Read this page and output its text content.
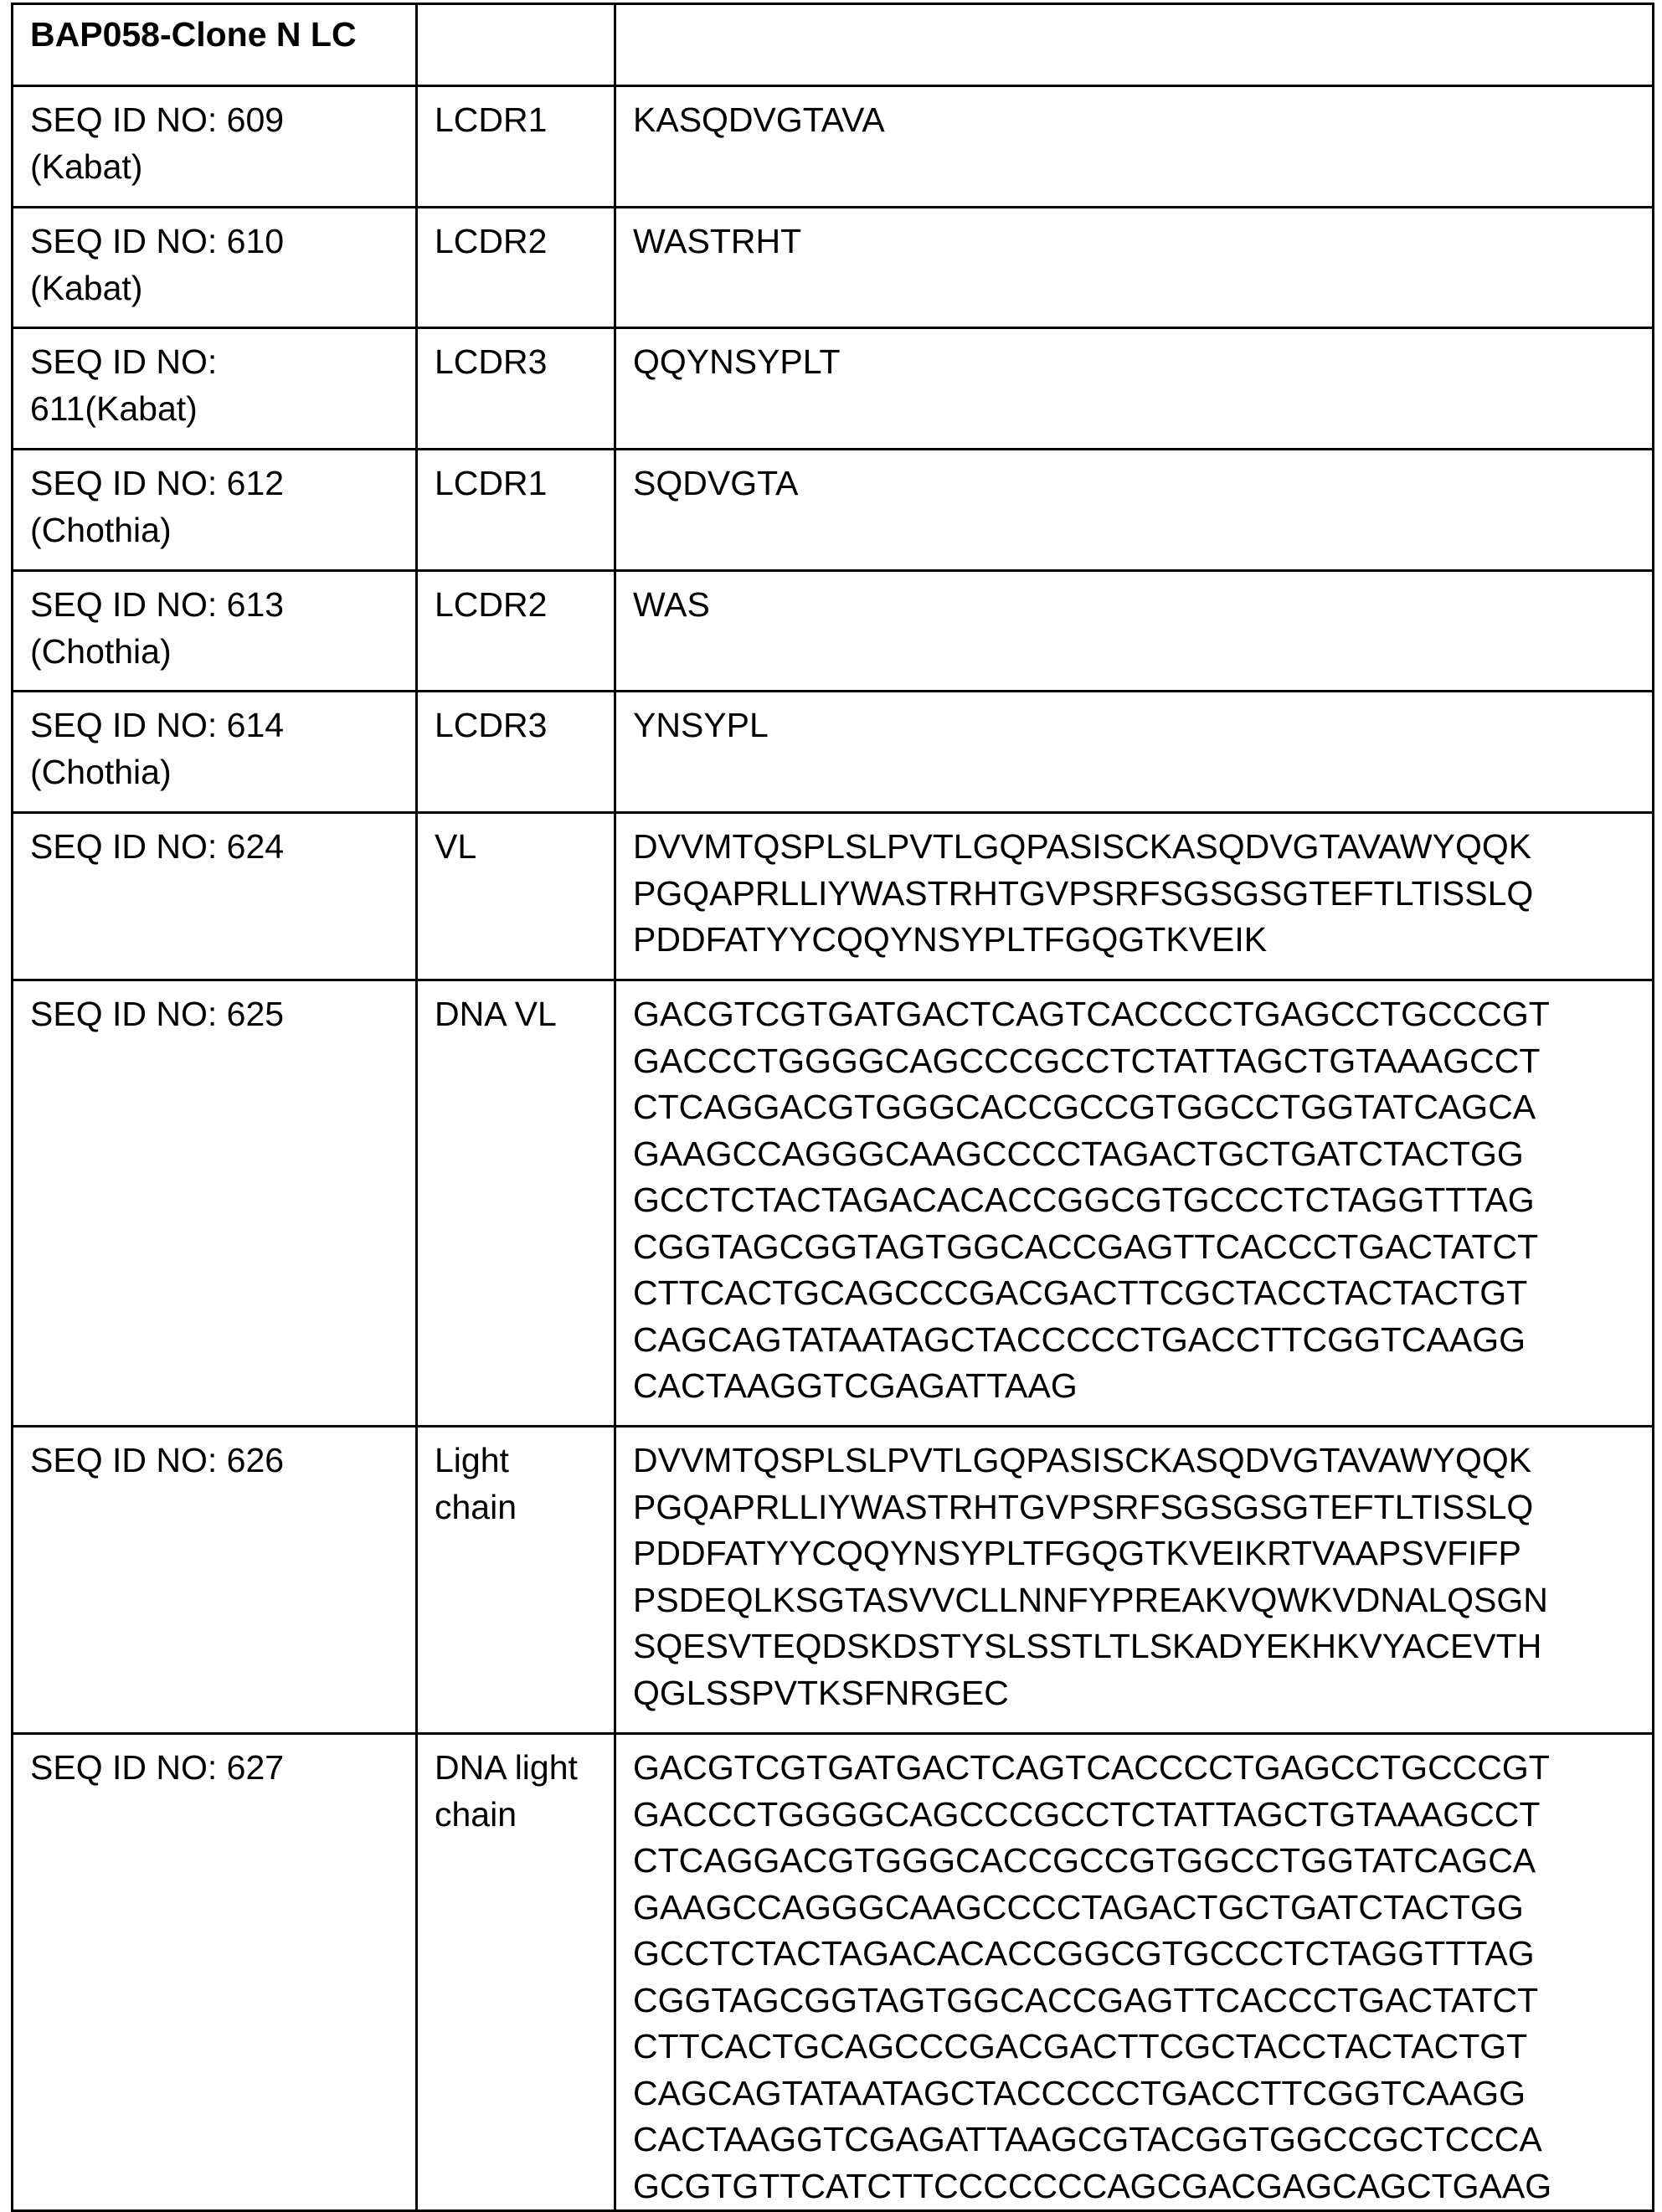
BAP058-Clone N LC		

SEQ ID NO: 609
(Kabat)

LCDR1	KASQDVGTAVA

SEQ ID NO: 610
(Kabat)

LCDR2	WASTRHT

SEQ ID NO:
611(Kabat)

LCDR3	QQYNSYPLT

SEQ ID NO: 612
(Chothia)

LCDR1	SQDVGTA

SEQ ID NO: 613
(Chothia)

LCDR2	WAS

SEQ ID NO: 614
(Chothia)

LCDR3	YNSYPL

SEQ ID NO: 624	VL	DVVMTQSPLSLPVTLGQPASISCKASQDVGTAVAWYQQK
PGQAPRLLIYWASTRHTGVPSRFSGSGSGTEFTLTISSLQ
PDDFATYYCQQYNSYPLTFGQGTKVEIK

SEQ ID NO: 625	DNA VL	GACGTCGTGATGACTCAGTCACCCCTGAGCCTGCCCGT
GACCCTGGGGCAGCCCGCCTCTATTAGCTGTAAAGCCT
CTCAGGACGTGGGCACCGCCGTGGCCTGGTATCAGCA
GAAGCCAGGGCAAGCCCCTAGACTGCTGATCTACTGG
GCCTCTACTAGACACACCGGCGTGCCCTCTAGGTTTAG
CGGTAGCGGTAGTGGCACCGAGTTCACCCTGACTATCT
CTTCACTGCAGCCCGACGACTTCGCTACCTACTACTGT
CAGCAGTATAATAGCTACCCCCTGACCTTCGGTCAAGG
CACTAAGGTCGAGATTAAG

SEQ ID NO: 626	Light
chain

DVVMTQSPLSLPVTLGQPASISCKASQDVGTAVAWYQQK
PGQAPRLLIYWASTRHTGVPSRFSGSGSGTEFTLTISSLQ
PDDFATYYCQQYNSYPLTFGQGTKVEIKRTVAAPSVFIFP
PSDEQLKSGTASVVCLLNNFYPREAKVQWKVDNALQSGN
SQESVTEQDSKDSTYSLSSTLTLSKADYEKHKVYACEVTH
QGLSSPVTKSFNRGEC

SEQ ID NO: 627	DNA light
chain

GACGTCGTGATGACTCAGTCACCCCTGAGCCTGCCCGT
GACCCTGGGGCAGCCCGCCTCTATTAGCTGTAAAGCCT
CTCAGGACGTGGGCACCGCCGTGGCCTGGTATCAGCA
GAAGCCAGGGCAAGCCCCTAGACTGCTGATCTACTGG
GCCTCTACTAGACACACCGGCGTGCCCTCTAGGTTTAG
CGGTAGCGGTAGTGGCACCGAGTTCACCCTGACTATCT
CTTCACTGCAGCCCGACGACTTCGCTACCTACTACTGT
CAGCAGTATAATAGCTACCCCCTGACCTTCGGTCAAGG
CACTAAGGTCGAGATTAAGCGTACGGTGGCCGCTCCCA
GCGTGTTCATCTTCCCCCCCAGCGACGAGCAGCTGAAG
